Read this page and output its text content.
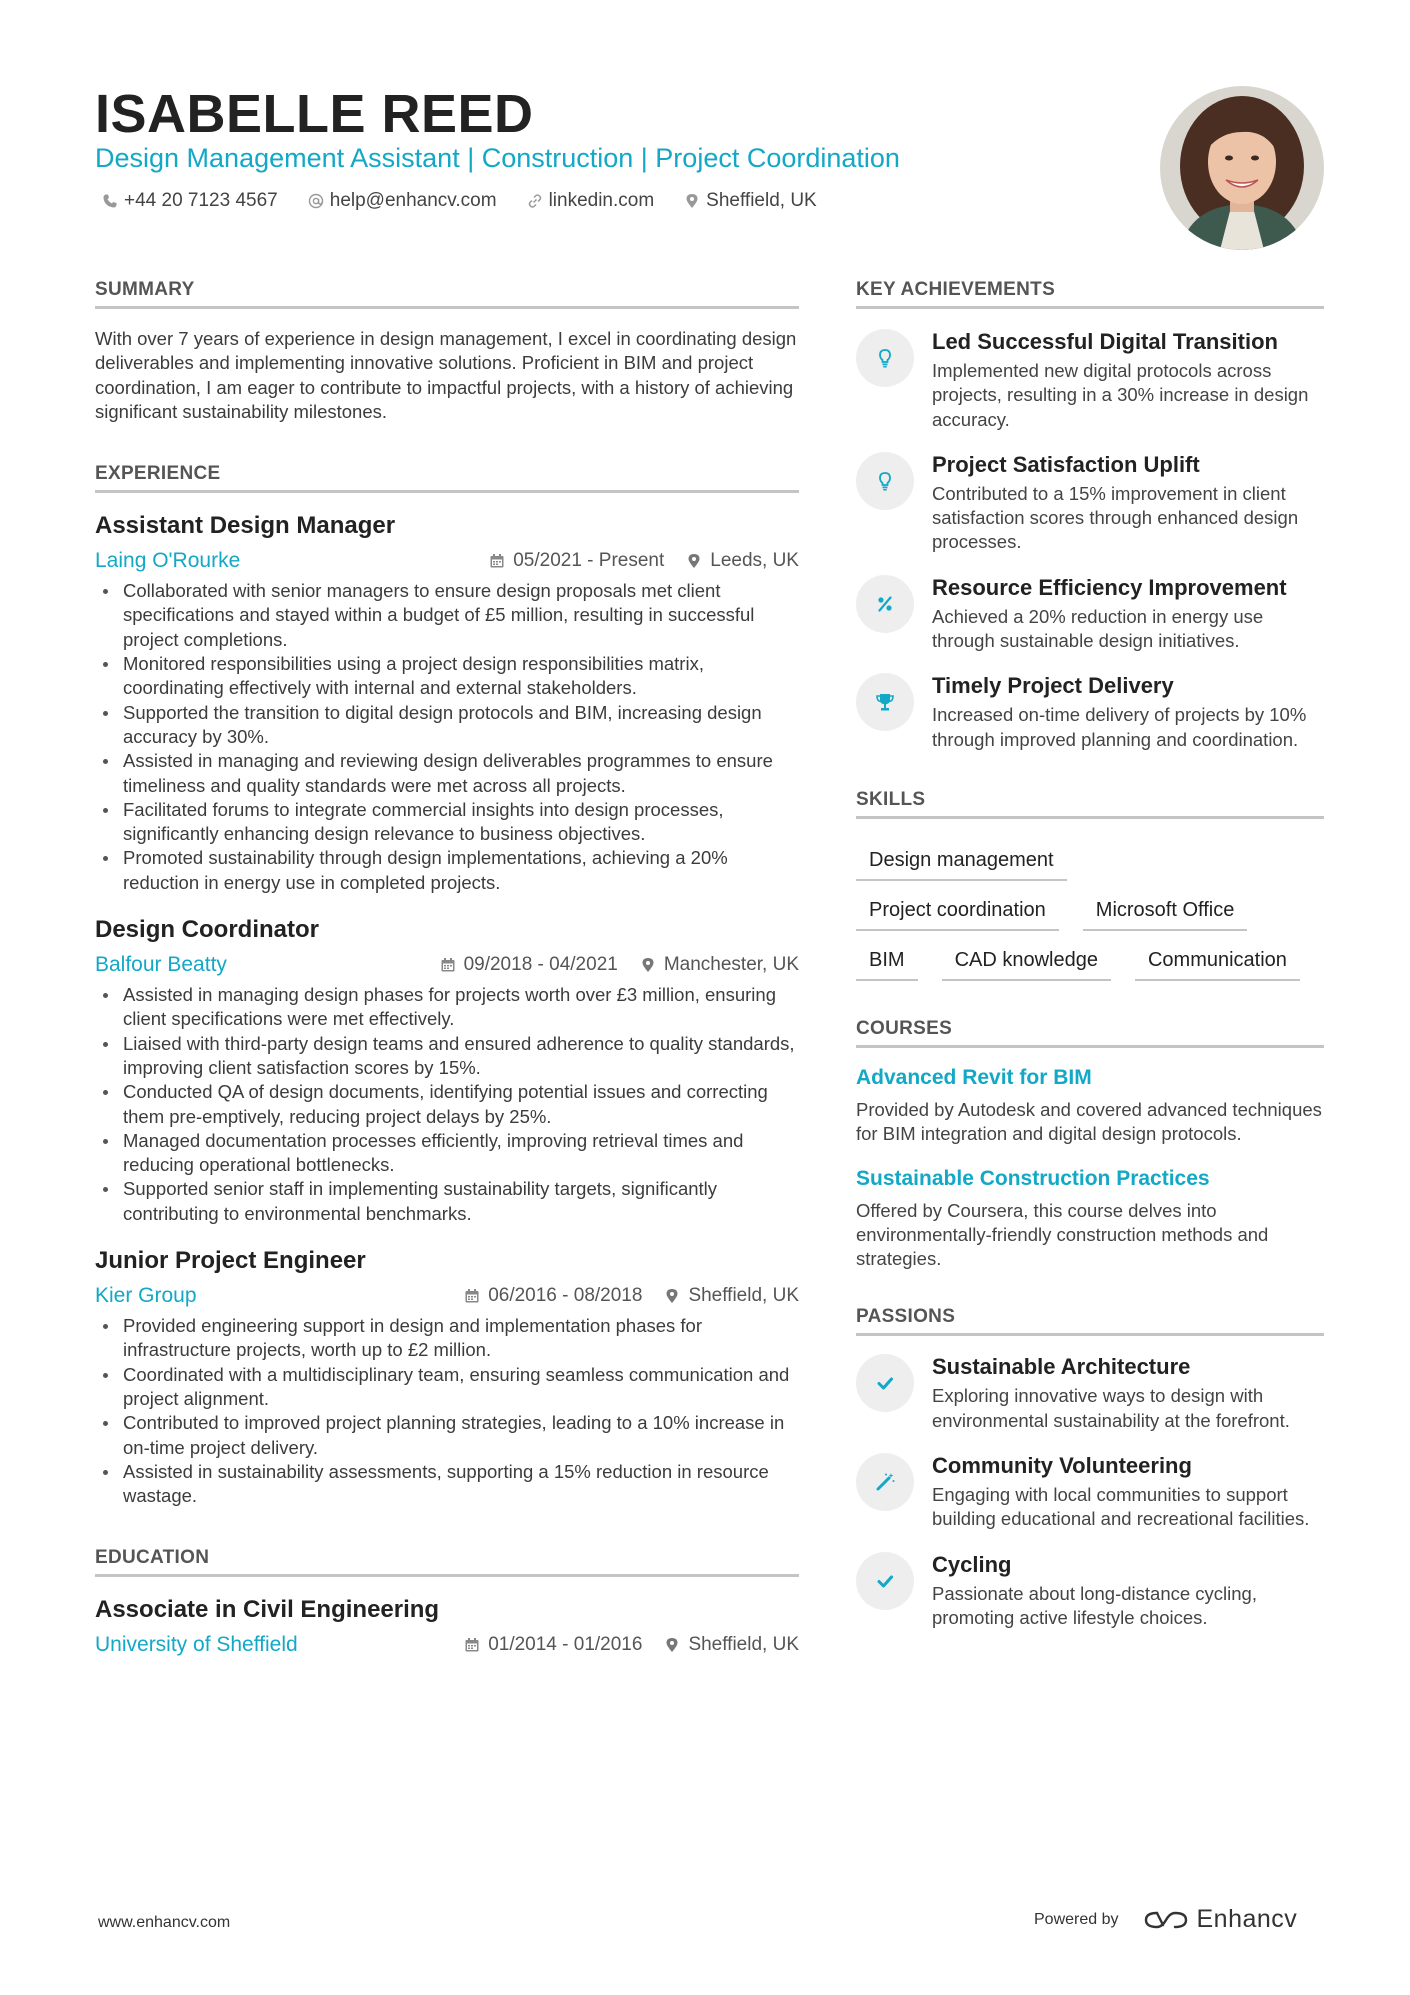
ISABELLE REED
Design Management Assistant | Construction | Project Coordination
+44 20 7123 4567	help@enhancv.com	linkedin.com	Sheffield, UK
SUMMARY

With over 7 years of experience in design management, I excel in coordinating design deliverables and implementing innovative solutions. Proficient in BIM and project coordination, I am eager to contribute to impactful projects, with a history of achieving significant sustainability milestones.

EXPERIENCE
Assistant Design Manager
Laing O'Rourke	05/2021 - Present Leeds, UK
Collaborated with senior managers to ensure design proposals met client specifications and stayed within a budget of £5 million, resulting in successful project completions.
Monitored responsibilities using a project design responsibilities matrix, coordinating effectively with internal and external stakeholders.
Supported the transition to digital design protocols and BIM, increasing design accuracy by 30%.
Assisted in managing and reviewing design deliverables programmes to ensure timeliness and quality standards were met across all projects.
Facilitated forums to integrate commercial insights into design processes, significantly enhancing design relevance to business objectives.
Promoted sustainability through design implementations, achieving a 20% reduction in energy use in completed projects.
Design Coordinator
Balfour Beatty	09/2018 - 04/2021 Manchester, UK
Assisted in managing design phases for projects worth over £3 million, ensuring client specifications were met effectively.
Liaised with third-party design teams and ensured adherence to quality standards, improving client satisfaction scores by 15%.
Conducted QA of design documents, identifying potential issues and correcting them pre-emptively, reducing project delays by 25%.
Managed documentation processes efficiently, improving retrieval times and reducing operational bottlenecks.
Supported senior staff in implementing sustainability targets, significantly contributing to environmental benchmarks.
Junior Project Engineer
Kier Group	06/2016 - 08/2018 Sheffield, UK
Provided engineering support in design and implementation phases for infrastructure projects, worth up to £2 million.
Coordinated with a multidisciplinary team, ensuring seamless communication and project alignment.
Contributed to improved project planning strategies, leading to a 10% increase in on-time project delivery.
Assisted in sustainability assessments, supporting a 15% reduction in resource wastage.
EDUCATION
Associate in Civil Engineering
University of Sheffield	01/2014 - 01/2016 Sheffield, UK
KEY ACHIEVEMENTS
Led Successful Digital Transition

Implemented new digital protocols across projects, resulting in a 30% increase in design accuracy.

Project Satisfaction Uplift

Contributed to a 15% improvement in client satisfaction scores through enhanced design processes.

Resource Efficiency Improvement

Achieved a 20% reduction in energy use through sustainable design initiatives.

Timely Project Delivery

Increased on-time delivery of projects by 10% through improved planning and coordination.

SKILLS
Design management
Project coordination	Microsoft Office
BIM	CAD knowledge	Communication
COURSES
Advanced Revit for BIM

Provided by Autodesk and covered advanced techniques for BIM integration and digital design protocols.

Sustainable Construction Practices

Offered by Coursera, this course delves into environmentally-friendly construction methods and strategies.

PASSIONS
Sustainable Architecture

Exploring innovative ways to design with environmental sustainability at the forefront.

Community Volunteering

Engaging with local communities to support building educational and recreational facilities.

Cycling

Passionate about long-distance cycling, promoting active lifestyle choices.

www.enhancv.com	Powered by	Enhancv
